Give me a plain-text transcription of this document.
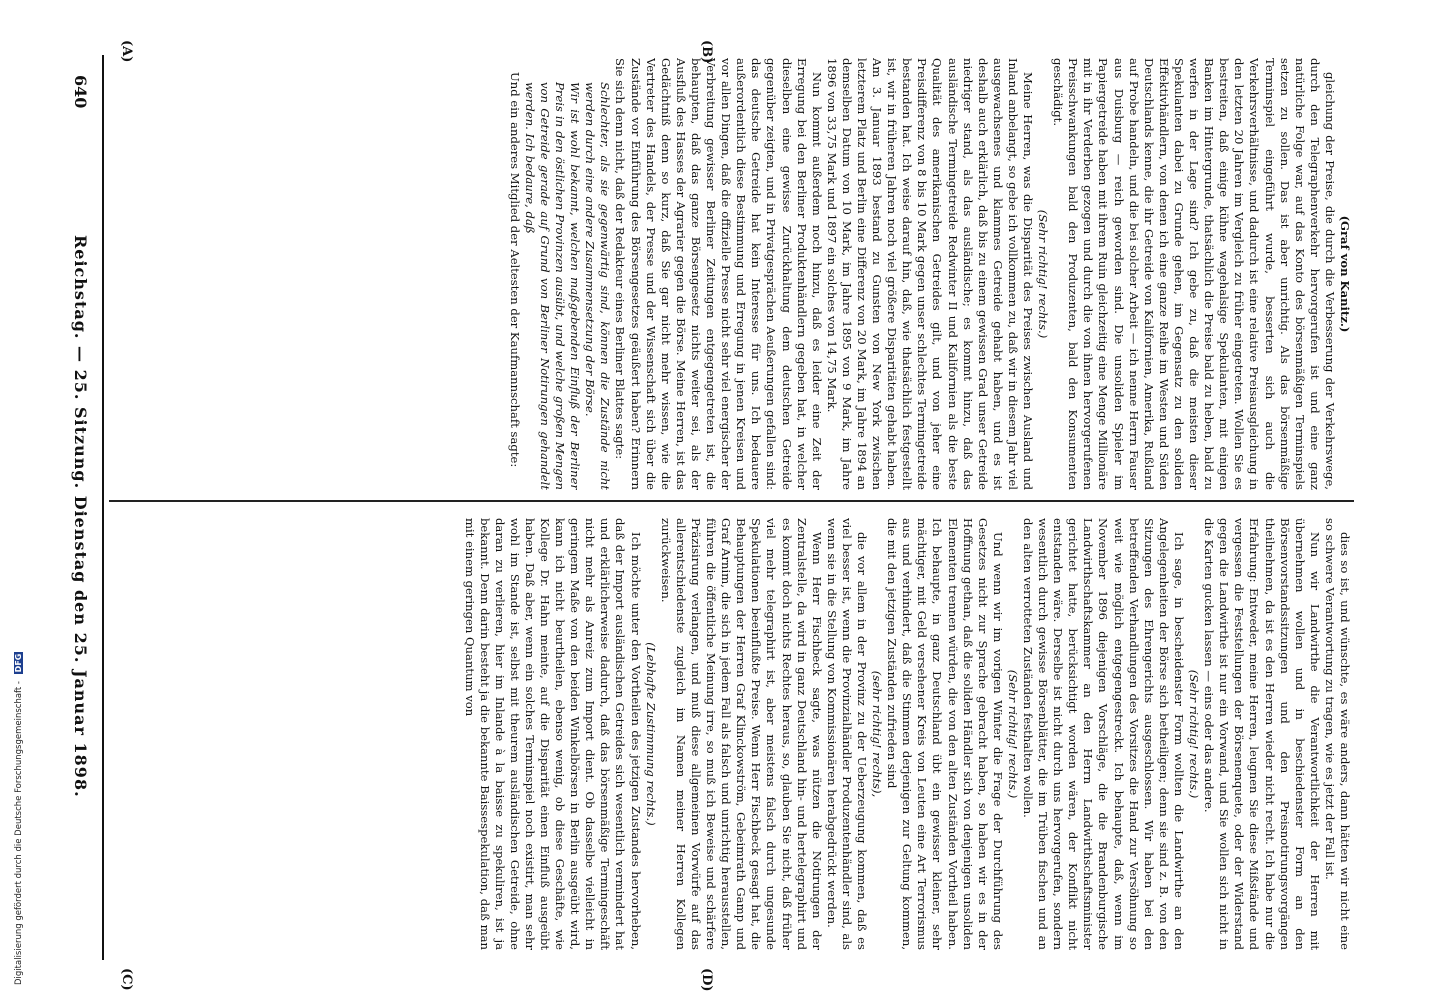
640
Reichstag. — 25. Sitzung. Dienstag den 25. Januar 1898.
(A)	(B)
(C)	(D)

(Graf von Kanitz.)

gleichung der Preise, die durch die Verbesserung der Verkehrswege, durch den Telegraphenverkehr hervorgerufen ist und eine ganz natürliche Folge war, auf das Konto des börsenmäßigen Terminspiels setzen zu sollen. Das ist aber unrichtig. Als das börsenmäßige Terminspiel eingeführt wurde, besserten sich auch die Verkehrsverhältnisse, und dadurch ist eine relative Preisausgleichung in den letzten 20 Jahren im Vergleich zu früher eingetreten. Wollen Sie es bestreiten, daß einige kühne wagehalsige Spekulanten, mit einigen Banken im Hintergrunde, thatsächlich die Preise bald zu heben, bald zu werfen in der Lage sind? Ich gebe zu, daß die meisten dieser Spekulanten dabei zu Grunde gehen, im Gegensatz zu den soliden Effektivhändlern, von denen ich eine ganze Reihe im Westen und Süden Deutschlands kenne, die ihr Getreide von Kalifornien, Amerika, Rußland auf Probe handeln, und die bei solcher Arbeit — ich nenne Herrn Fauser aus Duisburg — reich geworden sind. Die unsoliden Spieler im Papiergetreide haben mit ihrem Ruin gleichzeitig eine Menge Millionäre mit in ihr Verderben gezogen und durch die von ihnen hervorgerufenen Preisschwankungen bald den Produzenten, bald den Konsumenten geschädigt.

(Sehr richtig! rechts.)

Meine Herren, was die Disparität des Preises zwischen Ausland und Inland anbelangt, so gebe ich vollkommen zu, daß wir in diesem Jahr viel ausgewachsenes und klammes Getreide gehabt haben, und es ist deshalb auch erklärlich, daß bis zu einem gewissen Grad unser Getreide niedriger stand, als das ausländische; es kommt hinzu, daß das ausländische Termingetreide Redwinter II und Kalifornien als die beste Qualität des amerikanischen Getreides gilt, und von jeher eine Preisdifferenz von 8 bis 10 Mark gegen unser schlechtes Termingetreide bestanden hat. Ich weise darauf hin, daß, wie thatsächlich festgestellt ist, wir in früheren Jahren noch viel größere Disparitäten gehabt haben. Am 3. Januar 1893 bestand zu Gunsten von New York zwischen letzterem Platz und Berlin eine Differenz von 20 Mark, im Jahre 1894 an demselben Datum von 10 Mark, im Jahre 1895 von 9 Mark, im Jahre 1896 von 33,75 Mark und 1897 ein solches von 14,75 Mark.

Nun kommt außerdem noch hinzu, daß es leider eine Zeit der Erregung bei den Berliner Produktenhändlern gegeben hat, in welcher dieselben eine gewisse Zurückhaltung dem deutschen Getreide gegenüber zeigten, und in Privatgesprächen Aeußerungen gefallen sind: das deutsche Getreide hat kein Interesse für uns. Ich bedauere außerordentlich diese Bestimmung und Erregung in jenen Kreisen und vor allen Dingen, daß die offizielle Presse nicht sehr viel energischer der Verbreitung gewisser Berliner Zeitungen entgegengetreten ist, die behaupten, daß das ganze Börsengesetz nichts weiter sei, als der Ausfluß des Hasses der Agrarier gegen die Börse. Meine Herren, ist das Gedächtniß denn so kurz, daß Sie gar nicht mehr wissen, wie die Vertreter des Handels, der Presse und der Wissenschaft sich über die Zustände vor Einführung des Börsengesetzes geäußert haben? Erinnern Sie sich denn nicht, daß der Redakteur eines Berliner Blattes sagte:

Schlechter, als sie gegenwärtig sind, können die Zustände nicht werden durch eine andere Zusammensetzung der Börse.

Wir ist wohl bekannt, welchen maßgebenden Einfluß der Berliner Preis in den östlichen Provinzen ausübt, und welche großen Mengen von Getreide gerade auf Grund von Berliner Notirungen gehandelt werden. Ich bedaure, daß

Und ein anderes Mitglied der Aeltesten der Kaufmannschaft sagte:

dies so ist, und wünschte, es wäre anders, dann hätten wir nicht eine so schwere Verantwortung zu tragen, wie es jetzt der Fall ist.

Nun wir Landwirthe die Verantwortlichkeit der Herren mit übernehmen wollen und in beschiedenster Form an den Börsenvorstandssitzungen und den Preisnotirungsvorgängen theilnehmen, da ist es den Herren wieder nicht recht. Ich habe nur die Erfahrung: Entweder, meine Herren, leugnen Sie diese Mißstände und vergessen die Feststellungen der Börsenenquete, oder der Widerstand gegen die Landwirthe ist nur ein Vorwand, und Sie wollen sich nicht in die Karten gucken lassen — eins oder das andere.

(Sehr richtig! rechts.)

Ich sage, in bescheidenster Form wollten die Landwirthe an den Angelegenheiten der Börse sich betheiligen; denn sie sind z. B. von den Sitzungen des Ehrengerichts ausgeschlossen. Wir haben bei den betreffenden Verhandlungen des Vorsitzes die Hand zur Versöhnung so weit wie möglich entgegengestreckt. Ich behaupte, daß, wenn im November 1896 diejenigen Vorschläge, die die Brandenburgische Landwirthschaftskammer an den Herrn Landwirthschaftsminister gerichtet hatte, berücksichtigt worden wären, der Konflikt nicht entstanden wäre. Derselbe ist nicht durch uns hervorgerufen, sondern wesentlich durch gewisse Börsenblätter, die im Trüben fischen und an den alten verrotteten Zuständen festhalten wollen.

(Sehr richtig! rechts.)

Und wenn wir im vorigen Winter die Frage der Durchführung des Gesetzes nicht zur Sprache gebracht haben, so haben wir es in der Hoffnung gethan, daß die soliden Händler sich von denjenigen unsoliden Elementen trennen würden, die von den alten Zuständen Vortheil haben. Ich behaupte, in ganz Deutschland übt ein gewisser kleiner, sehr mächtiger, mit Geld versehener Kreis von Leuten eine Art Terrorismus aus und verhindert, daß die Stimmen derjenigen zur Geltung kommen, die mit den jetzigen Zuständen zufrieden sind

(sehr richtig! rechts),

die vor allem in der Provinz zu der Ueberzeugung kommen, daß es viel besser ist, wenn die Provinzialhändler Produzentenhändler sind, als wenn sie in die Stellung von Kommissionären herabgedrückt werden.

Wenn Herr Fischbeck sagte, was nützen die Notirungen der Zentralstelle, da wird in ganz Deutschland hin- und hertelegraphirt und es kommt doch nichts Rechtes heraus, so, glauben Sie nicht, daß früher viel mehr telegraphirt ist, aber meistens falsch durch ungesunde Spekulationen beeinflußte Preise. Wenn Herr Fischbeck gesagt hat, die Behauptungen der Herren Graf Klinckowström, Gebeimrath Gamp und Graf Arnim, die sich in jedem Fall als falsch und unrichtig herausstellen, führen die öffentliche Meinung irre, so muß ich Beweise und schärfere Präzisirung verlangen, und muß diese allgemeinen Vorwürfe auf das allerentschiedenste zugleich im Namen meiner Herren Kollegen zurückweisen.

(Lebhafte Zustimmung rechts.)

Ich möchte unter den Vortheilen des jetzigen Zustandes hervorheben, daß der Import ausländischen Getreides sich wesentlich vermindert hat und erklärlicherweise dadurch, daß das börsenmäßige Termingeschäft nicht mehr als Anreiz zum Import dient. Ob dasselbe vielleicht in geringem Maße von den beiden Winkelbörsen in Berlin ausgeübt wird, kann ich nicht beurtheilen, ebenso wenig, ob diese Geschäfte, wie Kollege Dr. Hahn meinte, auf die Disparität einen Einfluß ausgeübt haben. Daß aber, wenn ein solches Terminspiel noch existirt, man sehr wohl im Stande ist, selbst mit theurem ausländischen Getreide, ohne daran zu verlieren, hier im Inlande à la baisse zu spekuliren, ist ja bekannt. Denn darin besteht ja die bekannte Baissespekulation, daß man mit einem geringen Quantum von

Digitalisierung gefördert durch die Deutsche Forschungsgemeinschaft - DFG
